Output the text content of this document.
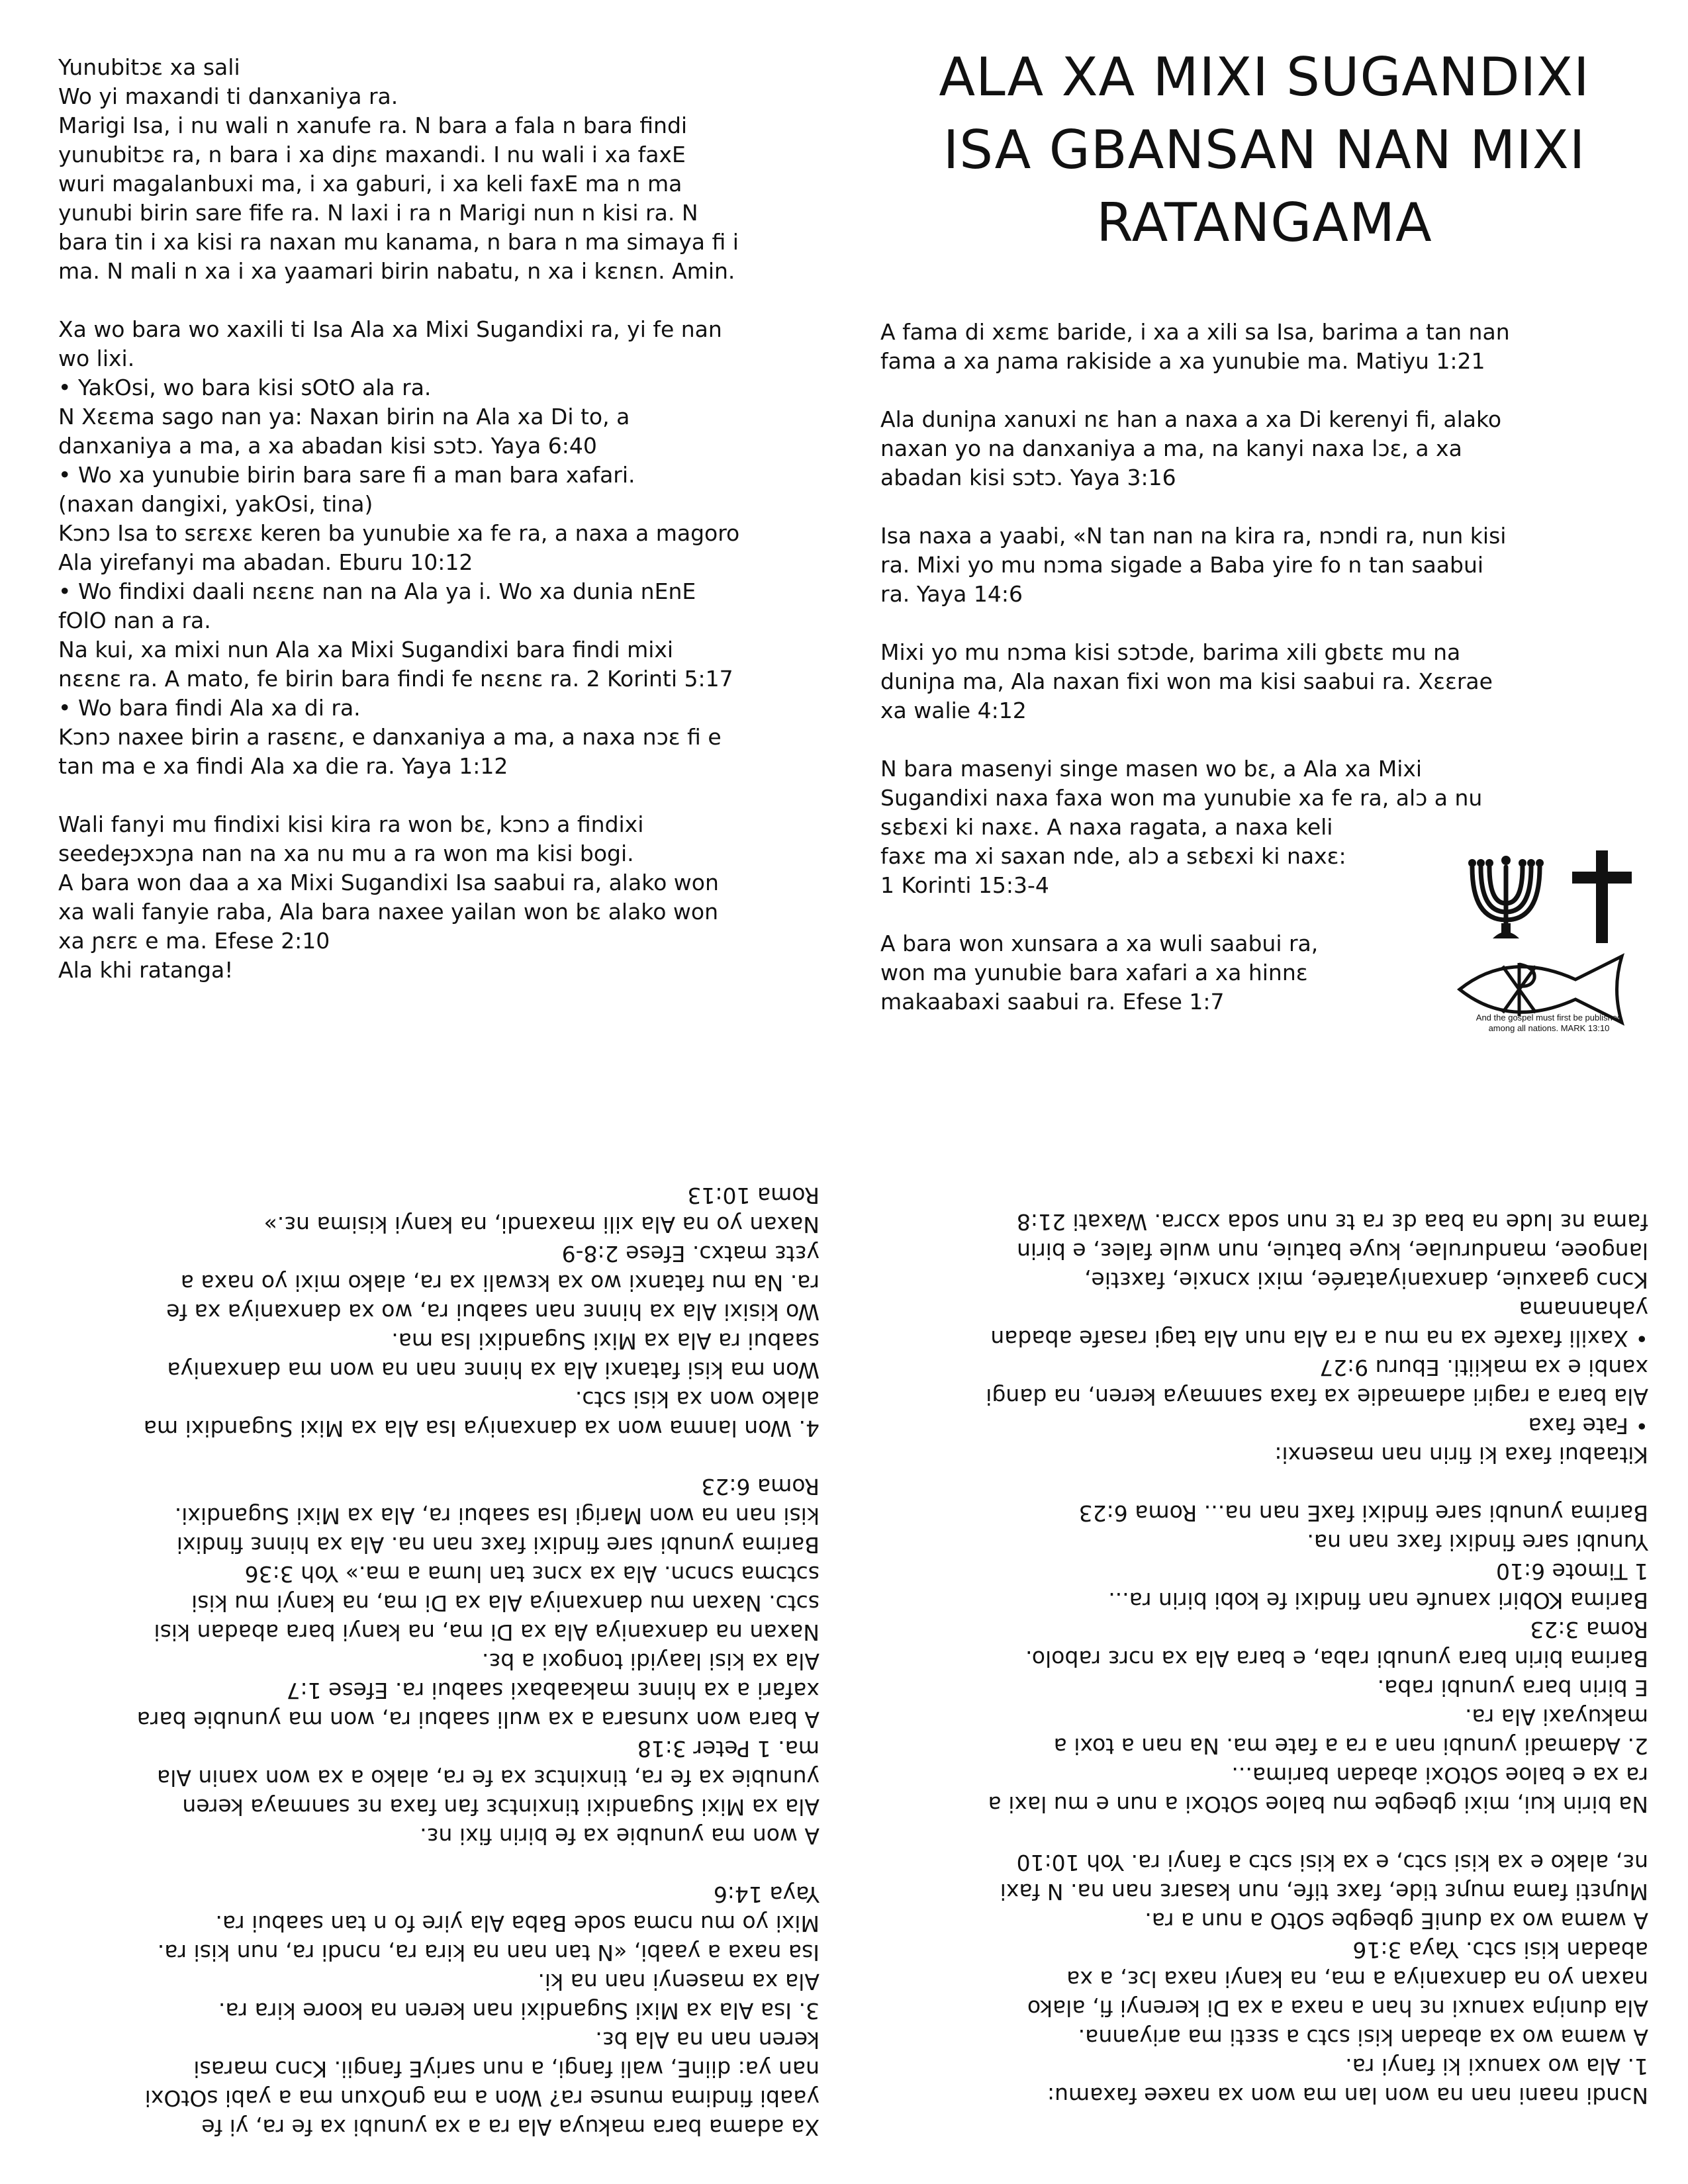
Yunubitɔɛ xa sali
Wo yi maxandi ti danxaniya ra.
Marigi Isa, i nu wali n xanufe ra. N bara a fala n bara findi
yunubitɔɛ ra, n bara i xa diɲɛ maxandi. I nu wali i xa faxE
wuri magalanbuxi ma, i xa gaburi, i xa keli faxE ma n ma
yunubi birin sare fife ra. N laxi i ra n Marigi nun n kisi ra. N
bara tin i xa kisi ra naxan mu kanama, n bara n ma simaya fi i
ma. N mali n xa i xa yaamari birin nabatu, n xa i kɛnɛn. Amin.
Xa wo bara wo xaxili ti Isa Ala xa Mixi Sugandixi ra, yi fe nan
wo lixi.
• YakOsi, wo bara kisi sOtO ala ra.
N Xɛɛma sago nan ya: Naxan birin na Ala xa Di to, a
danxaniya a ma, a xa abadan kisi sɔtɔ. Yaya 6:40
• Wo xa yunubie birin bara sare fi a man bara xafari.
(naxan dangixi, yakOsi, tina)
Kɔnɔ Isa to sɛrɛxɛ keren ba yunubie xa fe ra, a naxa a magoro
Ala yirefanyi ma abadan. Eburu 10:12
• Wo findixi daali nɛɛnɛ nan na Ala ya i. Wo xa dunia nEnE
fOlO nan a ra.
Na kui, xa mixi nun Ala xa Mixi Sugandixi bara findi mixi
nɛɛnɛ ra. A mato, fe birin bara findi fe nɛɛnɛ ra. 2 Korinti 5:17
• Wo bara findi Ala xa di ra.
Kɔnɔ naxee birin a rasɛnɛ, e danxaniya a ma, a naxa nɔɛ fi e
tan ma e xa findi Ala xa die ra. Yaya 1:12
Wali fanyi mu findixi kisi kira ra won bɛ, kɔnɔ a findixi
seedeɟɔxɔɲa nan na xa nu mu a ra won ma kisi bogi.
A bara won daa a xa Mixi Sugandixi Isa saabui ra, alako won
xa wali fanyie raba, Ala bara naxee yailan won bɛ alako won
xa ɲɛrɛ e ma. Efese 2:10
Ala khi ratanga!
ALA XA MIXI SUGANDIXI
ISA GBANSAN NAN MIXI
RATANGAMA
A fama di xɛmɛ baride, i xa a xili sa Isa, barima a tan nan
fama a xa ɲama rakiside a xa yunubie ma. Matiyu 1:21
Ala duniɲa xanuxi nɛ han a naxa a xa Di kerenyi fi, alako
naxan yo na danxaniya a ma, na kanyi naxa lɔɛ, a xa
abadan kisi sɔtɔ. Yaya 3:16
Isa naxa a yaabi, «N tan nan na kira ra, nɔndi ra, nun kisi
ra. Mixi yo mu nɔma sigade a Baba yire fo n tan saabui
ra. Yaya 14:6
Mixi yo mu nɔma kisi sɔtɔde, barima xili gbɛtɛ mu na
duniɲa ma, Ala naxan fixi won ma kisi saabui ra. Xɛɛrae
xa walie 4:12
N bara masenyi singe masen wo bɛ, a Ala xa Mixi
Sugandixi naxa faxa won ma yunubie xa fe ra, alɔ a nu
sɛbɛxi ki naxɛ. A naxa ragata, a naxa keli
faxɛ ma xi saxan nde, alɔ a sɛbɛxi ki naxɛ:
1 Korinti 15:3-4
A bara won xunsara a xa wuli saabui ra,
won ma yunubie bara xafari a xa hinnɛ
makaabaxi saabui ra. Efese 1:7
And the gospel must first be published
among all nations. MARK 13:10
Xa adama bara makuya Ala ra a xa yunubi xa fe ra, yi fe
yaabi findima munse ra? Won a ma gnOxun ma a yabi sOtOxi
nan ya: diinE, wali fangi, a nun sariyE fangii. Kɔnɔ marasi
keren nan na Ala bɛ.
3. Isa Ala xa Mixi Sugandixi nan keren na koore kira ra.
Ala xa masenyi nan na ki.
Isa naxa a yaabi, «N tan nan na kira ra, nɔndi ra, nun kisi ra.
Mixi yo mu nɔma sode Baba Ala yire fo n tan saabui ra.
Yaya 14:6
A won ma yunubie xa fe birin fixi nɛ.
Ala xa Mixi Sugandixi tinxintɔɛ fan faxa nɛ sanmaya keren
yunubie xa fe ra, tinxintɔɛ xa fe ra, alako a xa won xanin Ala
ma. 1 Peter 3:18
A bara won xunsara a xa wuli saabui ra, won ma yunubie bara
xafari a xa hinnɛ makaabaxi saabui ra. Efese 1:7
Ala xa kisi laayidi tongoxi a bɛ.
Naxan na danxaniya Ala xa Di ma, na kanyi bara abadan kisi
sɔtɔ. Naxan mu danxaniya Ala xa Di ma, na kanyi mu kisi
sɔtɔma sɔnɔn. Ala xa xɔnɛ tan luma a ma.» Yoh 3:36
Barima yunubi sare findixi faxɛ nan na. Ala xa hinnɛ findixi
kisi nan na won Marigi Isa saabui ra, Ala xa Mixi Sugandixi.
Roma 6:23
4. Won lanma won xa danxaniya Isa Ala xa Mixi Sugandixi ma
alako won xa kisi sɔtɔ.
Won ma kisi fatanxi Ala xa hinnɛ nan na won ma danxaniya
saabui ra Ala xa Mixi Sugandixi Isa ma.
Wo kisixi Ala xa hinnɛ nan saabui ra, wo xa danxaniya xa fe
ra. Na mu fatanxi wo xa kɛwali xa ra, alako mixi yo naxa a
yɛtɛ matxɔ. Efese 2:8-9
Naxan yo na Ala xili maxandi, na kanyi kisima nɛ.»
Roma 10:13
Nɔndi naani nan na won lan ma won xa naxee faxamu:
1. Ala wo xanuxi ki fanyi ra.
A wama wo xa abadan kisi sɔtɔ a sɛɛti ma ariyanna.
Ala duniɲa xanuxi nɛ han a naxa a xa Di kerenyi fi, alako
naxan yo na danxaniya a ma, na kanyi naxa lɔɛ, a xa
abadan kisi sɔtɔ. Yaya 3:16
A wama wo xa duniE gbegbe sOtO a nun a ra.
Muɲɛti fama muɲɛ tide, faxɛ tife, nun kasarɛ nan na. N faxi
nɛ, alako e xa kisi sɔtɔ, e xa kisi sɔtɔ a fanyi ra. Yoh 10:10
Na birin kui, mixi gbegbe mu baloe sOtOxi a nun e mu laxi a
ra xa e baloe sOtOxi abadan barima...
2. Adamadi yunubi nan a ra a fate ma. Na nan a toxi a
makuyaxi Ala ra.
E birin bara yunubi raba.
Barima birin bara yunubi raba, e bara Ala xa nɔrɛ rabolo.
Roma 3:23
Barima KObiri xanufe nan findixi fe kobi birin ra...
1 Timote 6:10
Yunubi sare findixi faxɛ nan na.
Barima yunubi sare findixi faxE nan na... Roma 6:23
Kitaabui faxa ki firin nan masenxi:
• Fate faxa
Ala bara a ragiri adamadie xa faxa sanmaya keren, na dangi
xanbi e xa makiiti. Eburu 9:27
• Xaxili faxafe xa na mu a ra Ala nun Ala tagi rasafe abadan
yahannama
Kɔnɔ gaaxuie, danxaniyatarée, mixi xɔnxie, faxɛtie,
langoee, mandurulae, kuye batuie, nun wule faleɛ, e birin
fama nɛ lude na baa dɛ ra tɛ nun soda xɔɔra. Waxati 21:8
